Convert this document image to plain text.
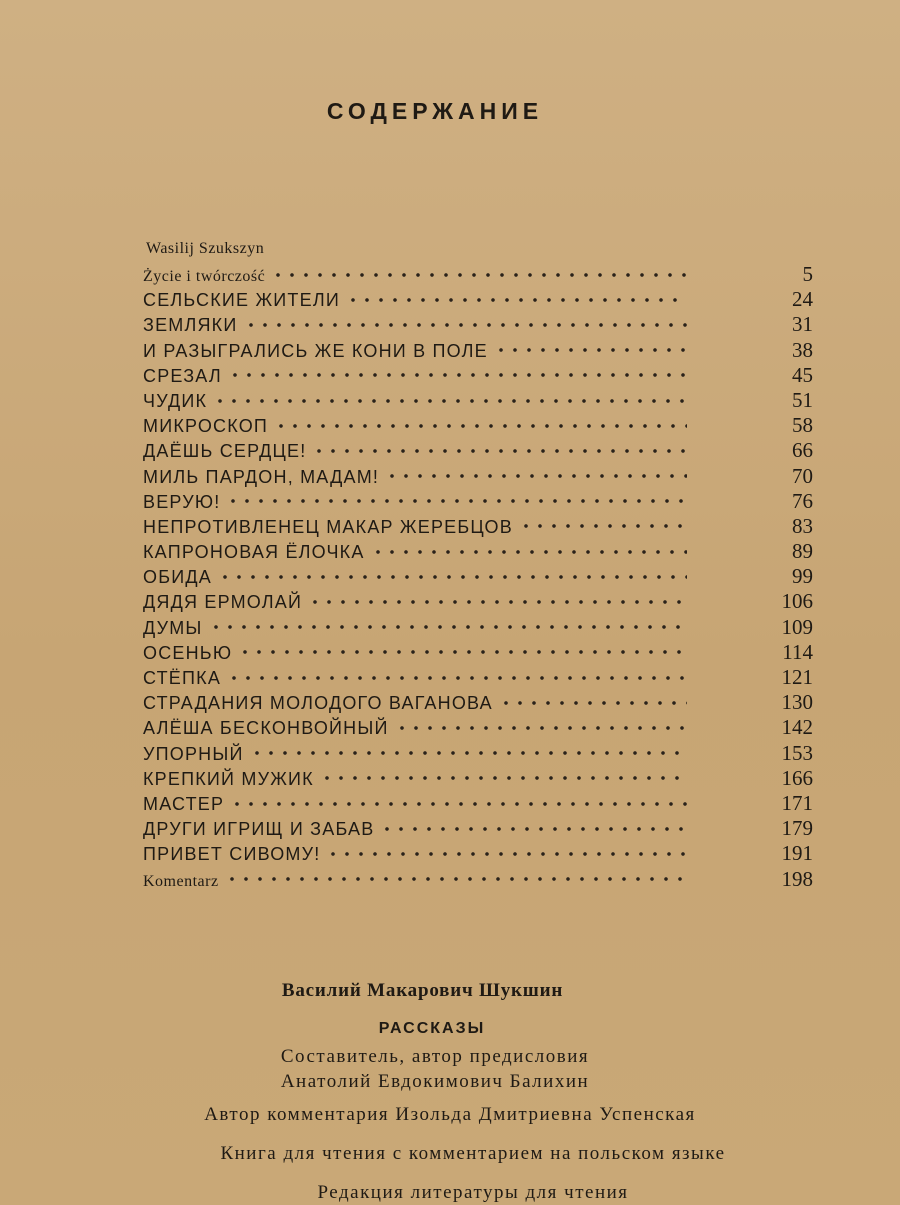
СОДЕРЖАНИЕ
Wasilij Szukszyn
Życie i twórczość	5
СЕЛЬСКИЕ ЖИТЕЛИ	24
ЗЕМЛЯКИ	31
И РАЗЫГРАЛИСЬ ЖЕ КОНИ В ПОЛЕ	38
СРЕЗАЛ	45
ЧУДИК	51
МИКРОСКОП	58
ДАЁШЬ СЕРДЦЕ!	66
МИЛЬ ПАРДОН, МАДАМ!	70
ВЕРУЮ!	76
НЕПРОТИВЛЕНЕЦ МАКАР ЖЕРЕБЦОВ	83
КАПРОНОВАЯ ЁЛОЧКА	89
ОБИДА	99
ДЯДЯ ЕРМОЛАЙ	106
ДУМЫ	109
ОСЕНЬЮ	114
СТЁПКА	121
СТРАДАНИЯ МОЛОДОГО ВАГАНОВА	130
АЛЁША БЕСКОНВОЙНЫЙ	142
УПОРНЫЙ	153
КРЕПКИЙ МУЖИК	166
МАСТЕР	171
ДРУГИ ИГРИЩ И ЗАБАВ	179
ПРИВЕТ СИВОМУ!	191
Komentarz	198
Василий Макарович Шукшин
РАССКАЗЫ
Составитель, автор предисловия
Анатолий Евдокимович Балихин
Автор комментария Изольда Дмитриевна Успенская
Книга для чтения с комментарием на польском языке
Редакция литературы для чтения
